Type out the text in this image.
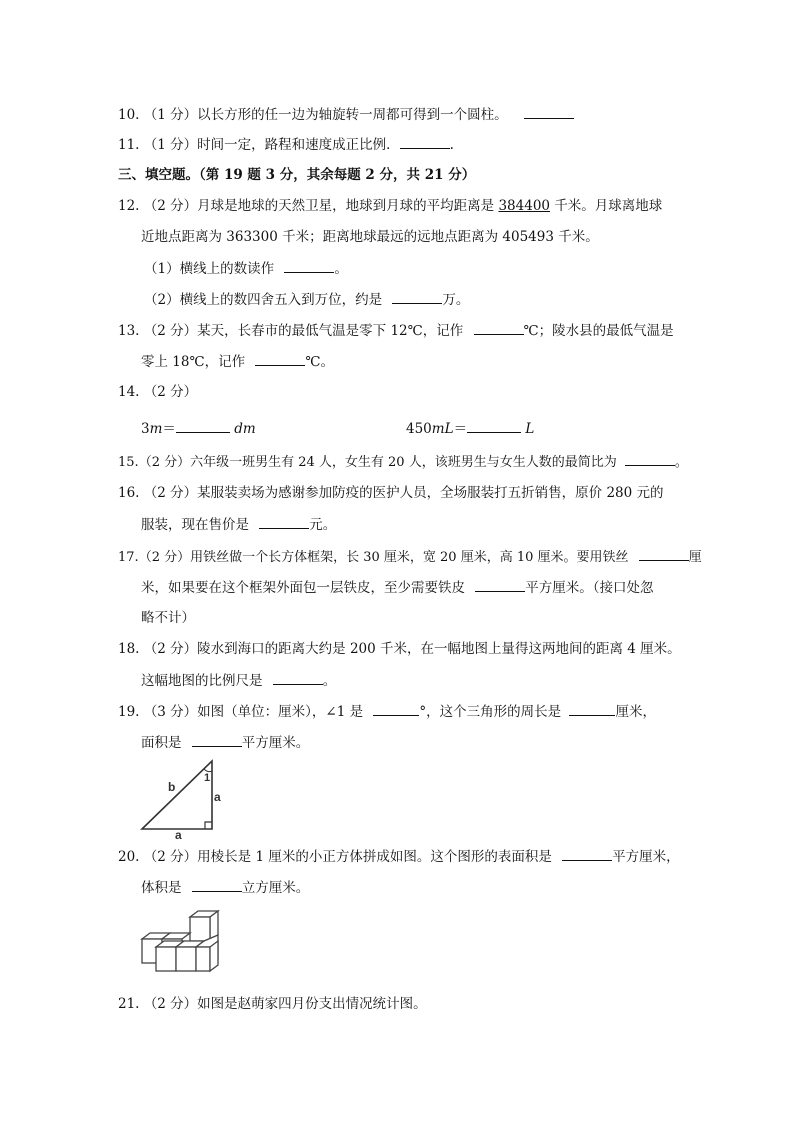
10. （1 分）以长方形的任一边为轴旋转一周都可得到一个圆柱。
11. （1 分）时间一定，路程和速度成正比例．	.
三、填空题。（第 19 题 3 分，其余每题 2 分，共 21 分）
12. （2 分）月球是地球的天然卫星，地球到月球的平均距离是 384400 千米。月球离地球
近地点距离为 363300 千米；距离地球最远的远地点距离为 405493 千米。
（1）横线上的数读作	。
（2）横线上的数四舍五入到万位，约是	万。
13. （2 分）某天，长春市的最低气温是零下 12℃，记作	℃；陵水县的最低气温是
零上 18℃，记作	℃。
14. （2 分）
3m＝	dm	450mL＝	L
15.（2 分）六年级一班男生有 24 人，女生有 20 人，该班男生与女生人数的最简比为	。
16. （2 分）某服装卖场为感谢参加防疫的医护人员，全场服装打五折销售，原价 280 元的
服装，现在售价是	元。
17.（2 分）用铁丝做一个长方体框架，长 30 厘米，宽 20 厘米，高 10 厘米。要用铁丝	厘
米，如果要在这个框架外面包一层铁皮，至少需要铁皮	平方厘米。（接口处忽
略不计）
18. （2 分）陵水到海口的距离大约是 200 千米，在一幅地图上量得这两地间的距离 4 厘米。
这幅地图的比例尺是	。
19. （3 分）如图（单位：厘米），∠1 是	°，这个三角形的周长是	厘米，
面积是	平方厘米。
1
b
a
a
20. （2 分）用棱长是 1 厘米的小正方体拼成如图。这个图形的表面积是	平方厘米，
体积是	立方厘米。
21. （2 分）如图是赵萌家四月份支出情况统计图。
